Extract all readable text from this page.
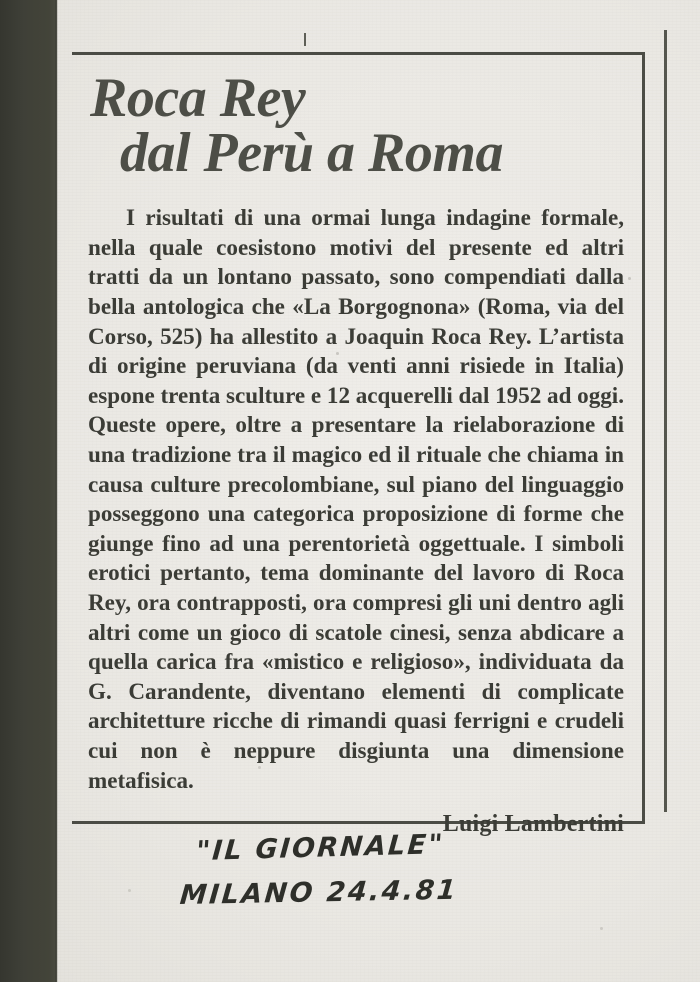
Roca Rey
dal Perù a Roma

I risultati di una ormai lunga indagine formale, nella quale coesistono motivi del presente ed altri tratti da un lontano passato, sono compendiati dalla bella antologica che «La Borgognona» (Roma, via del Corso, 525) ha allestito a Joaquin Roca Rey. L’artista di origine peruviana (da venti anni risiede in Italia) espone trenta sculture e 12 acquerelli dal 1952 ad oggi. Queste opere, oltre a presentare la rielaborazione di una tradizione tra il magico ed il rituale che chiama in causa culture precolombiane, sul piano del linguaggio posseggono una categorica proposizione di forme che giunge fino ad una perentorietà oggettuale. I simboli erotici pertanto, tema dominante del lavoro di Roca Rey, ora contrapposti, ora compresi gli uni dentro agli altri come un gioco di scatole cinesi, senza abdicare a quella carica fra «mistico e religioso», individuata da G. Carandente, diventano elementi di complicate architetture ricche di rimandi quasi ferrigni e crudeli cui non è neppure disgiunta una dimensione metafisica.

Luigi Lambertini

"IL GIORNALE"
MILANO 24.4.81
